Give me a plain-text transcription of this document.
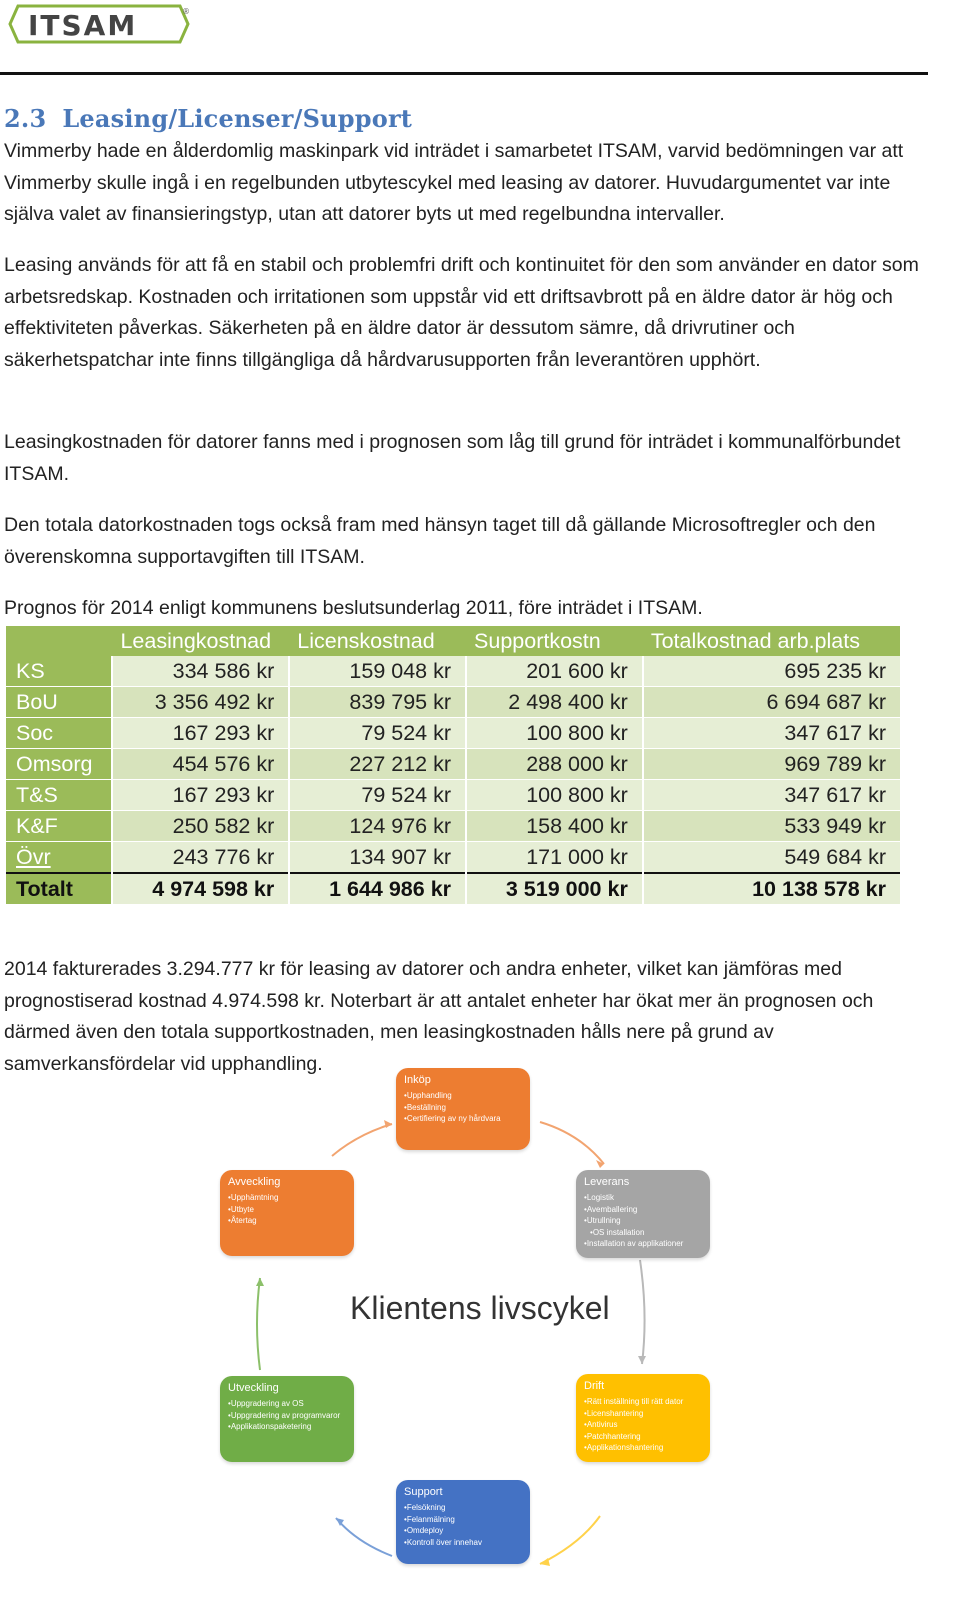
ITSAM	®
2.3 Leasing/Licenser/Support

Vimmerby hade en ålderdomlig maskinpark vid inträdet i samarbetet ITSAM, varvid bedömningen var att Vimmerby skulle ingå i en regelbunden utbytescykel med leasing av datorer. Huvudargumentet var inte själva valet av finansieringstyp, utan att datorer byts ut med regelbundna intervaller.

Leasing används för att få en stabil och problemfri drift och kontinuitet för den som använder en dator som arbetsredskap. Kostnaden och irritationen som uppstår vid ett driftsavbrott på en äldre dator är hög och effektiviteten påverkas. Säkerheten på en äldre dator är dessutom sämre, då drivrutiner och säkerhetspatchar inte finns tillgängliga då hårdvarusupporten från leverantören upphört.

Leasingkostnaden för datorer fanns med i prognosen som låg till grund för inträdet i kommunalförbundet ITSAM.

Den totala datorkostnaden togs också fram med hänsyn taget till då gällande Microsoftregler och den överenskomna supportavgiften till ITSAM.

Prognos för 2014 enligt kommunens beslutsunderlag 2011, före inträdet i ITSAM.

	Leasingkostnad	Licenskostnad	Supportkostn	Totalkostnad arb.plats
KS	334 586 kr	159 048 kr	201 600 kr	695 235 kr
BoU	3 356 492 kr	839 795 kr	2 498 400 kr	6 694 687 kr
Soc	167 293 kr	79 524 kr	100 800 kr	347 617 kr
Omsorg	454 576 kr	227 212 kr	288 000 kr	969 789 kr
T&S	167 293 kr	79 524 kr	100 800 kr	347 617 kr
K&F	250 582 kr	124 976 kr	158 400 kr	533 949 kr
Övr	243 776 kr	134 907 kr	171 000 kr	549 684 kr
Totalt	4 974 598 kr	1 644 986 kr	3 519 000 kr	10 138 578 kr

2014 fakturerades 3.294.777 kr för leasing av datorer och andra enheter, vilket kan jämföras med prognostiserad kostnad 4.974.598 kr. Noterbart är att antalet enheter har ökat mer än prognosen och därmed även den totala supportkostnaden, men leasingkostnaden hålls nere på grund av samverkansfördelar vid upphandling.

Inköp
• Upphandling
• Beställning
• Certifiering av ny hårdvara
Leverans
• Logistik
• Avemballering
• Utrullning
• OS installation
• Installation av applikationer
Drift
• Rätt inställning till rätt dator
• Licenshantering
• Antivirus
• Patchhantering
• Applikationshantering
Support
• Felsökning
• Felanmälning
• Omdeploy
• Kontroll över innehav
Utveckling
• Uppgradering av OS
• Uppgradering av programvaror
• Applikationspaketering
Avveckling
• Upphämtning
• Utbyte
• Återtag
Klientens livscykel
